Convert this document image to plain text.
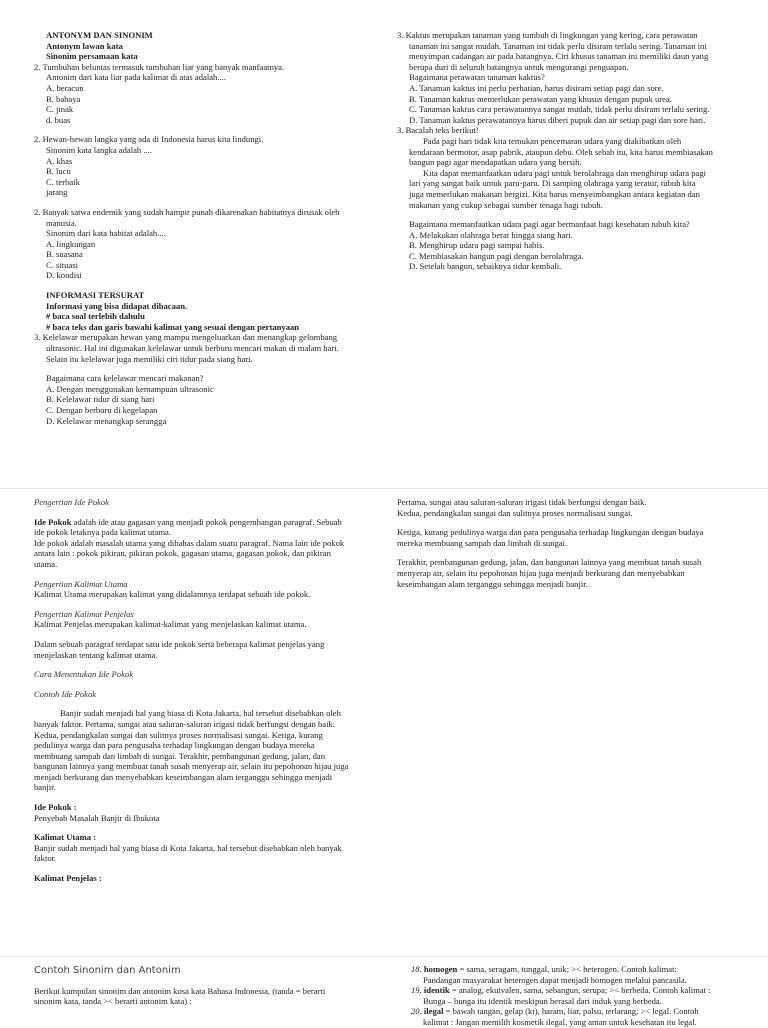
ANTONYM DAN SINONIM
Antonym lawan kata
Sinonim persamaan kata
2. Tumbuhan beluntas termasuk tumbuhan liar yang banyak manfaatnya.
Antonim dari kata liar pada kalimat di atas adalah....
A. beracun
B. bahaya
C. jinak
d. buas
2. Hewan-hewan langka yang ada di Indonesia harus kita lindungi.
Sinonim kata langka adalah ....
A. khas
B. lucu
C. terbaik
jarang
2. Banyak satwa endemik yang sudah hampir punah dikarenakan habitatnya dirusak oleh
manusia.
Sinonim dari kata habitat adalah....
A. lingkungan
B. suasana
C. situasi
D. kondisi
INFORMASI TERSURAT
Informasi yang bisa didapat dibacaan.
# baca soal terlebih dahulu
# baca teks dan garis bawahi kalimat yang sesuai dengan pertanyaan
3. Kelelawar merupakan hewan yang mampu mengeluarkan dan menangkap gelombang
ultrasonic. Hal ini digunakan kelelawar untuk berburu mencari makan di malam hari.
Selain itu kelelawar juga memiliki ciri tidur pada siang hari.
Bagaimana cara kelelawar mencari makanan?
A. Dengan menggunakan kemampuan ultrasonic
B. Kelelawar tidur di siang hari
C. Dengan berburu di kegelapan
D. Kelelawar menangkap serangga
3. Kaktus merupakan tanaman yang tumbuh di lingkungan yang kering, cara perawatan
tanaman ini sangat mudah. Tanaman ini tidak perlu disiram terlalu sering. Tanaman ini
menyimpan cadangan air pada batangnya. Ciri khusus tanaman ini memiliki daun yang
berupa duri di seluruh batangnya untuk mengurangi penguapan.
Bagaimana perawatan tanaman kaktus?
A. Tanaman kaktus ini perlu perhatian, harus disiram setiap pagi dan sore.
B. Tanaman kaktus memerlukan perawatan yang khusus dengan pupuk urea.
C. Tanaman kaktus cara perawatannya sangat mudah, tidak perlu disiram terlalu sering.
D. Tanaman kaktus perawatannya harus diberi pupuk dan air setiap pagi dan sore hari.
3. Bacalah teks berikut!
Pada pagi hari tidak kita temukan pencemaran udara yang diakibatkan oleh
kendaraan bermotor, asap pabrik, ataupun debu. Oleh sebab itu, kita harus membiasakan
bangun pagi agar mendapatkan udara yang bersih.
Kita dapat memanfaatkan udara pagi untuk berolahraga dan menghirup udara pagi
lari yang sangat baik untuk paru-paru. Di samping olahraga yang teratur, tubuh kita
juga memerlukan makanan bergizi. Kita harus menyeimbangkan antara kegiatan dan
makanan yang cukup sebagai sumber tenaga bagi tubuh.
Bagaimana memanfaatkan udara pagi agar bermanfaat bagi kesehatan tubuh kita?
A. Melakukan olahraga berat hingga siang hari.
B. Menghirup udara pagi sampai habis.
C. Membiasakan bangun pagi dengan berolahraga.
D. Setelah bangun, sebaiknya tidur kembali.
Pengertian Ide Pokok
Ide Pokok adalah ide atau gagasan yang menjadi pokok pengembangan paragraf. Sebuah
ide pokok letaknya pada kalimat utama.
Ide pokok adalah masalah utama yang dibahas dalam suatu paragraf. Nama lain ide pokok
antara lain : pokok pikiran, pikiran pokok, gagasan utama, gagasan pokok, dan pikiran
utama.
Pengertian Kalimat Utama
Kalimat Utama merupakan kalimat yang didalamnya terdapat sebuah ide pokok.
Pengertian Kalimat Penjelas
Kalimat Penjelas merupakan kalimat-kalimat yang menjelaskan kalimat utama.
Dalam sebuah paragraf terdapat satu ide pokok serta beberapa kalimat penjelas yang
menjelaskan tentang kalimat utama.
Cara Menentukan Ide Pokok
Contoh Ide Pokok
Banjir sudah menjadi hal yang biasa di Kota Jakarta, hal tersebut disebabkan oleh
banyak faktor. Pertama, sungai atau saluran-saluran irigasi tidak berfungsi dengan baik.
Kedua, pendangkalan sungai dan sulitnya proses normalisasi sungai. Ketiga, kurang
pedulinya warga dan para pengusaha terhadap lingkungan dengan budaya mereka
membuang sampah dan limbah di sungai. Terakhir, pembangunan gedung, jalan, dan
bangunan lainnya yang membuat tanah susah menyerap air, selain itu pepohonan hijau juga
menjadi berkurang dan menyebabkan keseimbangan alam terganggu sehingga menjadi
banjir.
Ide Pokok :
Penyebab Masalah Banjir di Ibukota
Kalimat Utama :
Banjir sudah menjadi hal yang biasa di Kota Jakarta, hal tersebut disebabkan oleh banyak
faktor.
Kalimat Penjelas :
Pertama, sungai atau saluran-saluran irigasi tidak berfungsi dengan baik.
Kedua, pendangkalan sungai dan sulitnya proses normalisasi sungai.
Ketiga, kurang pedulinya warga dan para pengusaha terhadap lingkungan dengan budaya
mereka membuang sampah dan limbah di sungai.
Terakhir, pembangunan gedung, jalan, dan bangunan lainnya yang membuat tanah susah
menyerap air, selain itu pepohonan hijau juga menjadi berkurang dan menyebabkan
keseimbangan alam terganggu sehingga menjadi banjir.
Contoh Sinonim dan Antonim
Berikut kumpulan sinonim dan antonim kosa kata Bahasa Indonesia, (tanda = berarti
sinonim kata, tanda >< berarti antonim kata) :
18. homogen = sama, seragam, tunggal, unik; >< heterogen. Contoh kalimat:
Pandangan masyarakat heterogen dapat menjadi homogen melalui pancasila.
19. identik = analog, ekuivalen, sama, sebangun, serupa; >< berbeda. Contoh kalimat :
Bunga – bunga itu identik meskipun berasal dari induk yang berbeda.
20. ilegal = bawah tangan, gelap (kt), haram, liar, palsu, terlarang; >< legal. Contoh
kalimat : Jangan memilih kosmetik ilegal, yang aman untuk kesehatan itu legal.
